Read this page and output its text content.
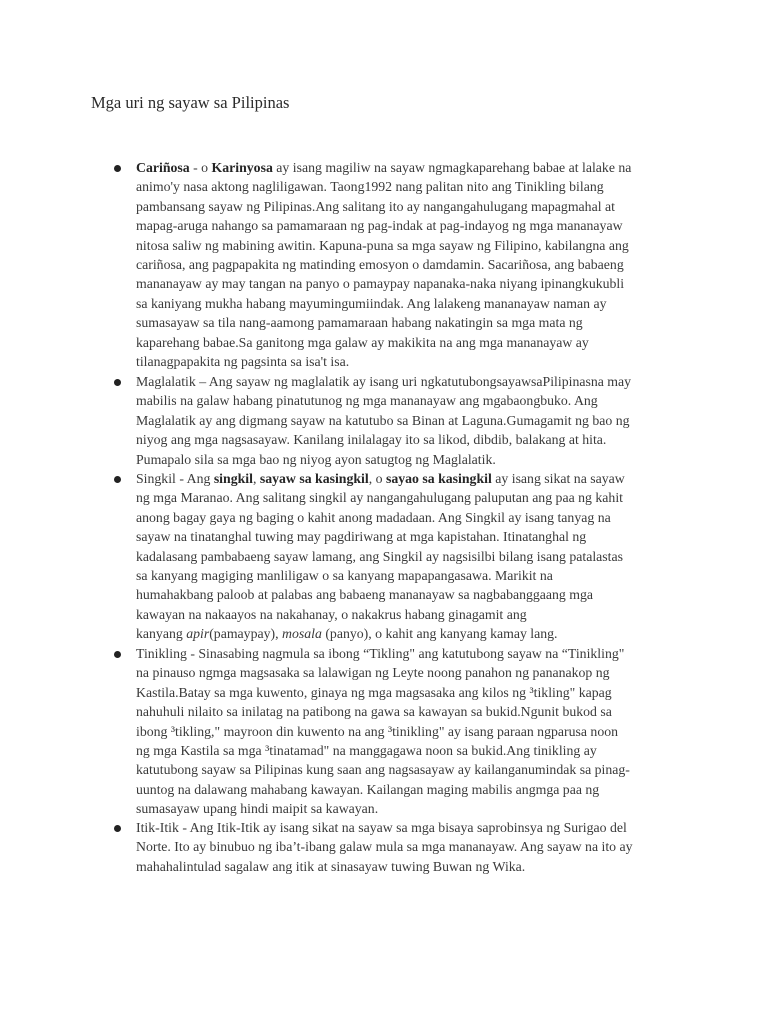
Mga uri ng sayaw sa Pilipinas
Cariñosa - o Karinyosa ay isang magiliw na sayaw ngmagkaparehang babae at lalake na
animo'y nasa aktong nagliligawan. Taong1992 nang palitan nito ang Tinikling bilang
pambansang sayaw ng Pilipinas.Ang salitang ito ay nangangahulugang mapagmahal at
mapag-aruga nahango sa pamamaraan ng pag-indak at pag-indayog ng mga mananayaw
nitosa saliw ng mabining awitin. Kapuna-puna sa mga sayaw ng Filipino, kabilangna ang
cariñosa, ang pagpapakita ng matinding emosyon o damdamin. Sacariñosa, ang babaeng
mananayaw ay may tangan na panyo o pamaypay napanaka-naka niyang ipinangkukubli
sa kaniyang mukha habang mayumingumiindak. Ang lalakeng mananayaw naman ay
sumasayaw sa tila nang-aamong pamamaraan habang nakatingin sa mga mata ng
kaparehang babae.Sa ganitong mga galaw ay makikita na ang mga mananayaw ay
tilanagpapakita ng pagsinta sa isa't isa.
Maglalatik – Ang sayaw ng maglalatik ay isang uri ngkatutubongsayawsaPilipinasna may
mabilis na galaw habang pinatutunog ng mga mananayaw ang mgabaongbuko. Ang
Maglalatik ay ang digmang sayaw na katutubo sa Binan at Laguna.Gumagamit ng bao ng
niyog ang mga nagsasayaw. Kanilang inilalagay ito sa likod, dibdib, balakang at hita.
Pumapalo sila sa mga bao ng niyog ayon satugtog ng Maglalatik.
Singkil - Ang singkil, sayaw sa kasingkil, o sayao sa kasingkil ay isang sikat na sayaw
ng mga Maranao. Ang salitang singkil ay nangangahulugang paluputan ang paa ng kahit
anong bagay gaya ng baging o kahit anong madadaan. Ang Singkil ay isang tanyag na
sayaw na tinatanghal tuwing may pagdiriwang at mga kapistahan. Itinatanghal ng
kadalasang pambabaeng sayaw lamang, ang Singkil ay nagsisilbi bilang isang patalastas
sa kanyang magiging manliligaw o sa kanyang mapapangasawa. Marikit na
humahakbang paloob at palabas ang babaeng mananayaw sa nagbabanggaang mga
kawayan na nakaayos na nakahanay, o nakakrus habang ginagamit ang
kanyang apir(pamaypay), mosala (panyo), o kahit ang kanyang kamay lang.
Tinikling - Sinasabing nagmula sa ibong “Tikling" ang katutubong sayaw na “Tinikling"
na pinauso ngmga magsasaka sa lalawigan ng Leyte noong panahon ng pananakop ng
Kastila.Batay sa mga kuwento, ginaya ng mga magsasaka ang kilos ng ³tikling" kapag
nahuhuli nilaito sa inilatag na patibong na gawa sa kawayan sa bukid.Ngunit bukod sa
ibong ³tikling," mayroon din kuwento na ang ³tinikling" ay isang paraan ngparusa noon
ng mga Kastila sa mga ³tinatamad" na manggagawa noon sa bukid.Ang tinikling ay
katutubong sayaw sa Pilipinas kung saan ang nagsasayaw ay kailanganumindak sa pinag-
uuntog na dalawang mahabang kawayan. Kailangan maging mabilis angmga paa ng
sumasayaw upang hindi maipit sa kawayan.
Itik-Itik - Ang Itik-Itik ay isang sikat na sayaw sa mga bisaya saprobinsya ng Surigao del
Norte. Ito ay binubuo ng iba’t-ibang galaw mula sa mga mananayaw. Ang sayaw na ito ay
mahahalintulad sagalaw ang itik at sinasayaw tuwing Buwan ng Wika.
